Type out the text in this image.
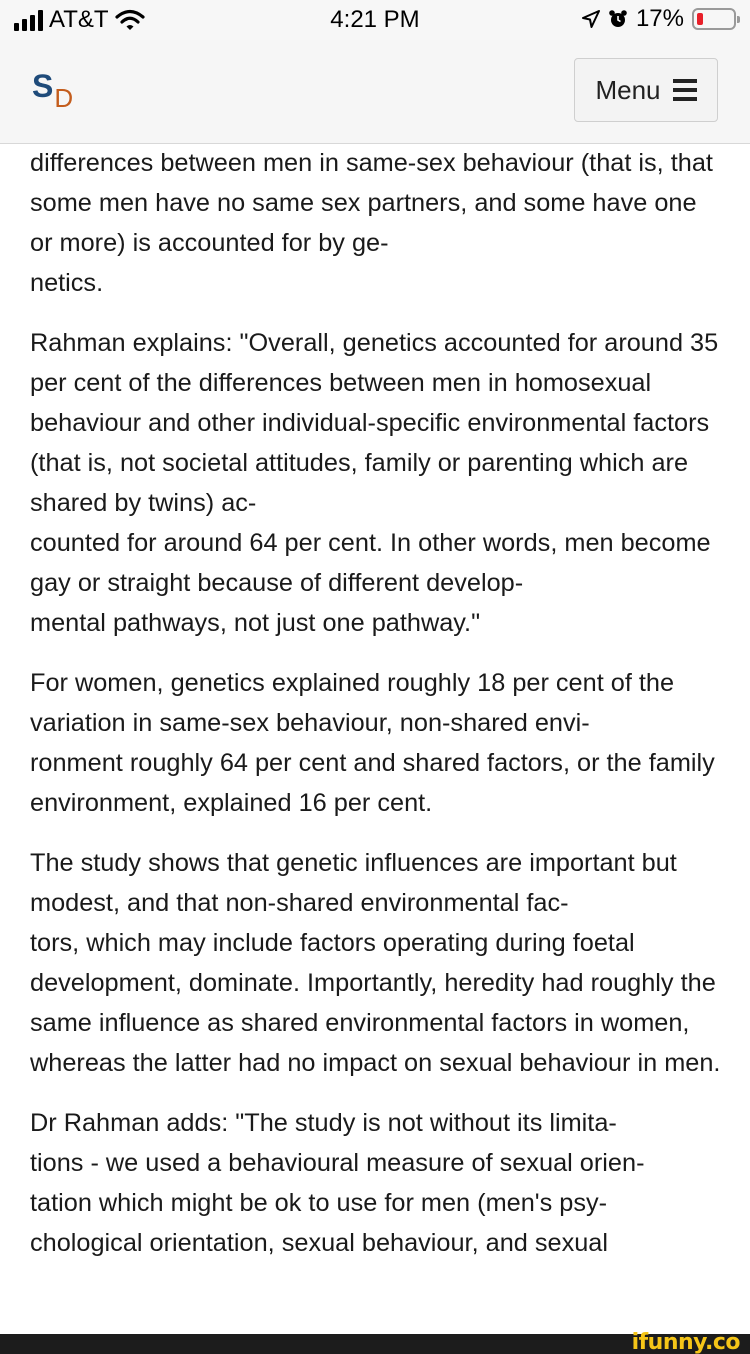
AT&T	4:21 PM	17%
$S_D$	Menu

differences between men in same-sex behaviour (that is, that some men have no same sex partners, and some have one or more) is accounted for by ge-
netics.

Rahman explains: "Overall, genetics accounted for around 35 per cent of the differences between men in homosexual behaviour and other individual-specific environmental factors (that is, not societal attitudes, family or parenting which are shared by twins) ac-
counted for around 64 per cent. In other words, men become gay or straight because of different develop-
mental pathways, not just one pathway."

For women, genetics explained roughly 18 per cent of the variation in same-sex behaviour, non-shared envi-
ronment roughly 64 per cent and shared factors, or the family environment, explained 16 per cent.

The study shows that genetic influences are important but modest, and that non-shared environmental fac-
tors, which may include factors operating during foetal development, dominate. Importantly, heredity had roughly the same influence as shared environmental factors in women, whereas the latter had no impact on sexual behaviour in men.

Dr Rahman adds: "The study is not without its limita-
tions - we used a behavioural measure of sexual orien-
tation which might be ok to use for men (men's psy-
chological orientation, sexual behaviour, and sexual

ifunny.co
